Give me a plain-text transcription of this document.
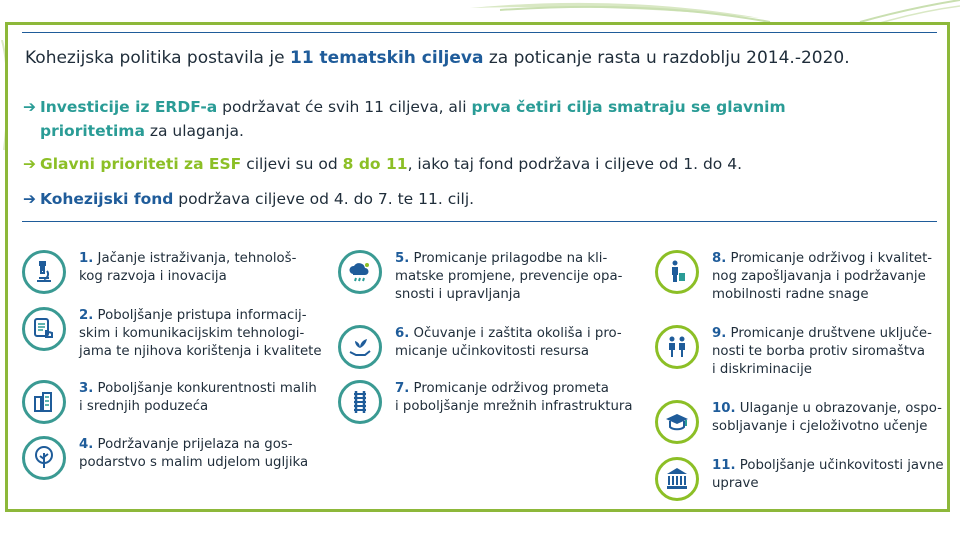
Kohezijska politika postavila je 11 tematskih ciljeva za poticanje rasta u razdoblju 2014.-2020.
➔ Investicije iz ERDF-a podržavat će svih 11 ciljeva, ali prva četiri cilja smatraju se glavnim
prioritetima za ulaganja.
➔ Glavni prioriteti za ESF ciljevi su od 8 do 11, iako taj fond podržava i ciljeve od 1. do 4.
➔ Kohezijski fond podržava ciljeve od 4. do 7. te 11. cilj.
1. Jačanje istraživanja, tehnološ-
kog razvoja i inovacija
2. Poboljšanje pristupa informacij-
skim i komunikacijskim tehnologi-
jama te njihova korištenja i kvalitete
3. Poboljšanje konkurentnosti malih
i srednjih poduzeća
4. Podržavanje prijelaza na gos-
podarstvo s malim udjelom ugljika
5. Promicanje prilagodbe na kli-
matske promjene, prevencije opa-
snosti i upravljanja
6. Očuvanje i zaštita okoliša i pro-
micanje učinkovitosti resursa
7. Promicanje održivog prometa
i poboljšanje mrežnih infrastruktura
8. Promicanje održivog i kvalitet-
nog zapošljavanja i podržavanje
mobilnosti radne snage
9. Promicanje društvene uključe-
nosti te borba protiv siromaštva
i diskriminacije
10. Ulaganje u obrazovanje, ospo-
sobljavanje i cjeloživotno učenje
11. Poboljšanje učinkovitosti javne
uprave
